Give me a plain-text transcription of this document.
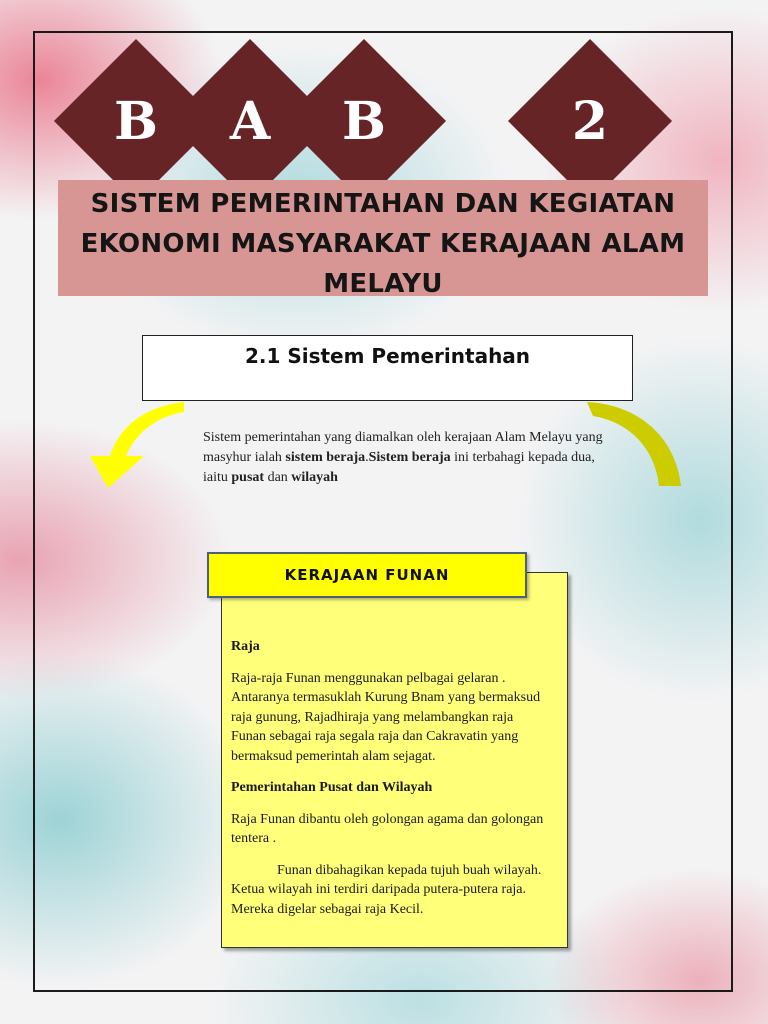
B	A	B	2
SISTEM PEMERINTAHAN DAN KEGIATAN EKONOMI MASYARAKAT KERAJAAN ALAM MELAYU
2.1 Sistem Pemerintahan
Sistem pemerintahan yang diamalkan oleh kerajaan Alam Melayu yang masyhur ialah sistem beraja.Sistem beraja ini terbahagi kepada dua, iaitu pusat dan wilayah
KERAJAAN FUNAN

Raja

Raja-raja Funan menggunakan pelbagai gelaran . Antaranya termasuklah Kurung Bnam yang bermaksud raja gunung, Rajadhiraja yang melambangkan raja Funan sebagai raja segala raja dan Cakravatin yang bermaksud pemerintah alam sejagat.

Pemerintahan Pusat dan Wilayah

Raja Funan dibantu oleh golongan agama dan golongan tentera .

Funan dibahagikan kepada tujuh buah wilayah. Ketua wilayah ini terdiri daripada putera-putera raja. Mereka digelar sebagai raja Kecil.
